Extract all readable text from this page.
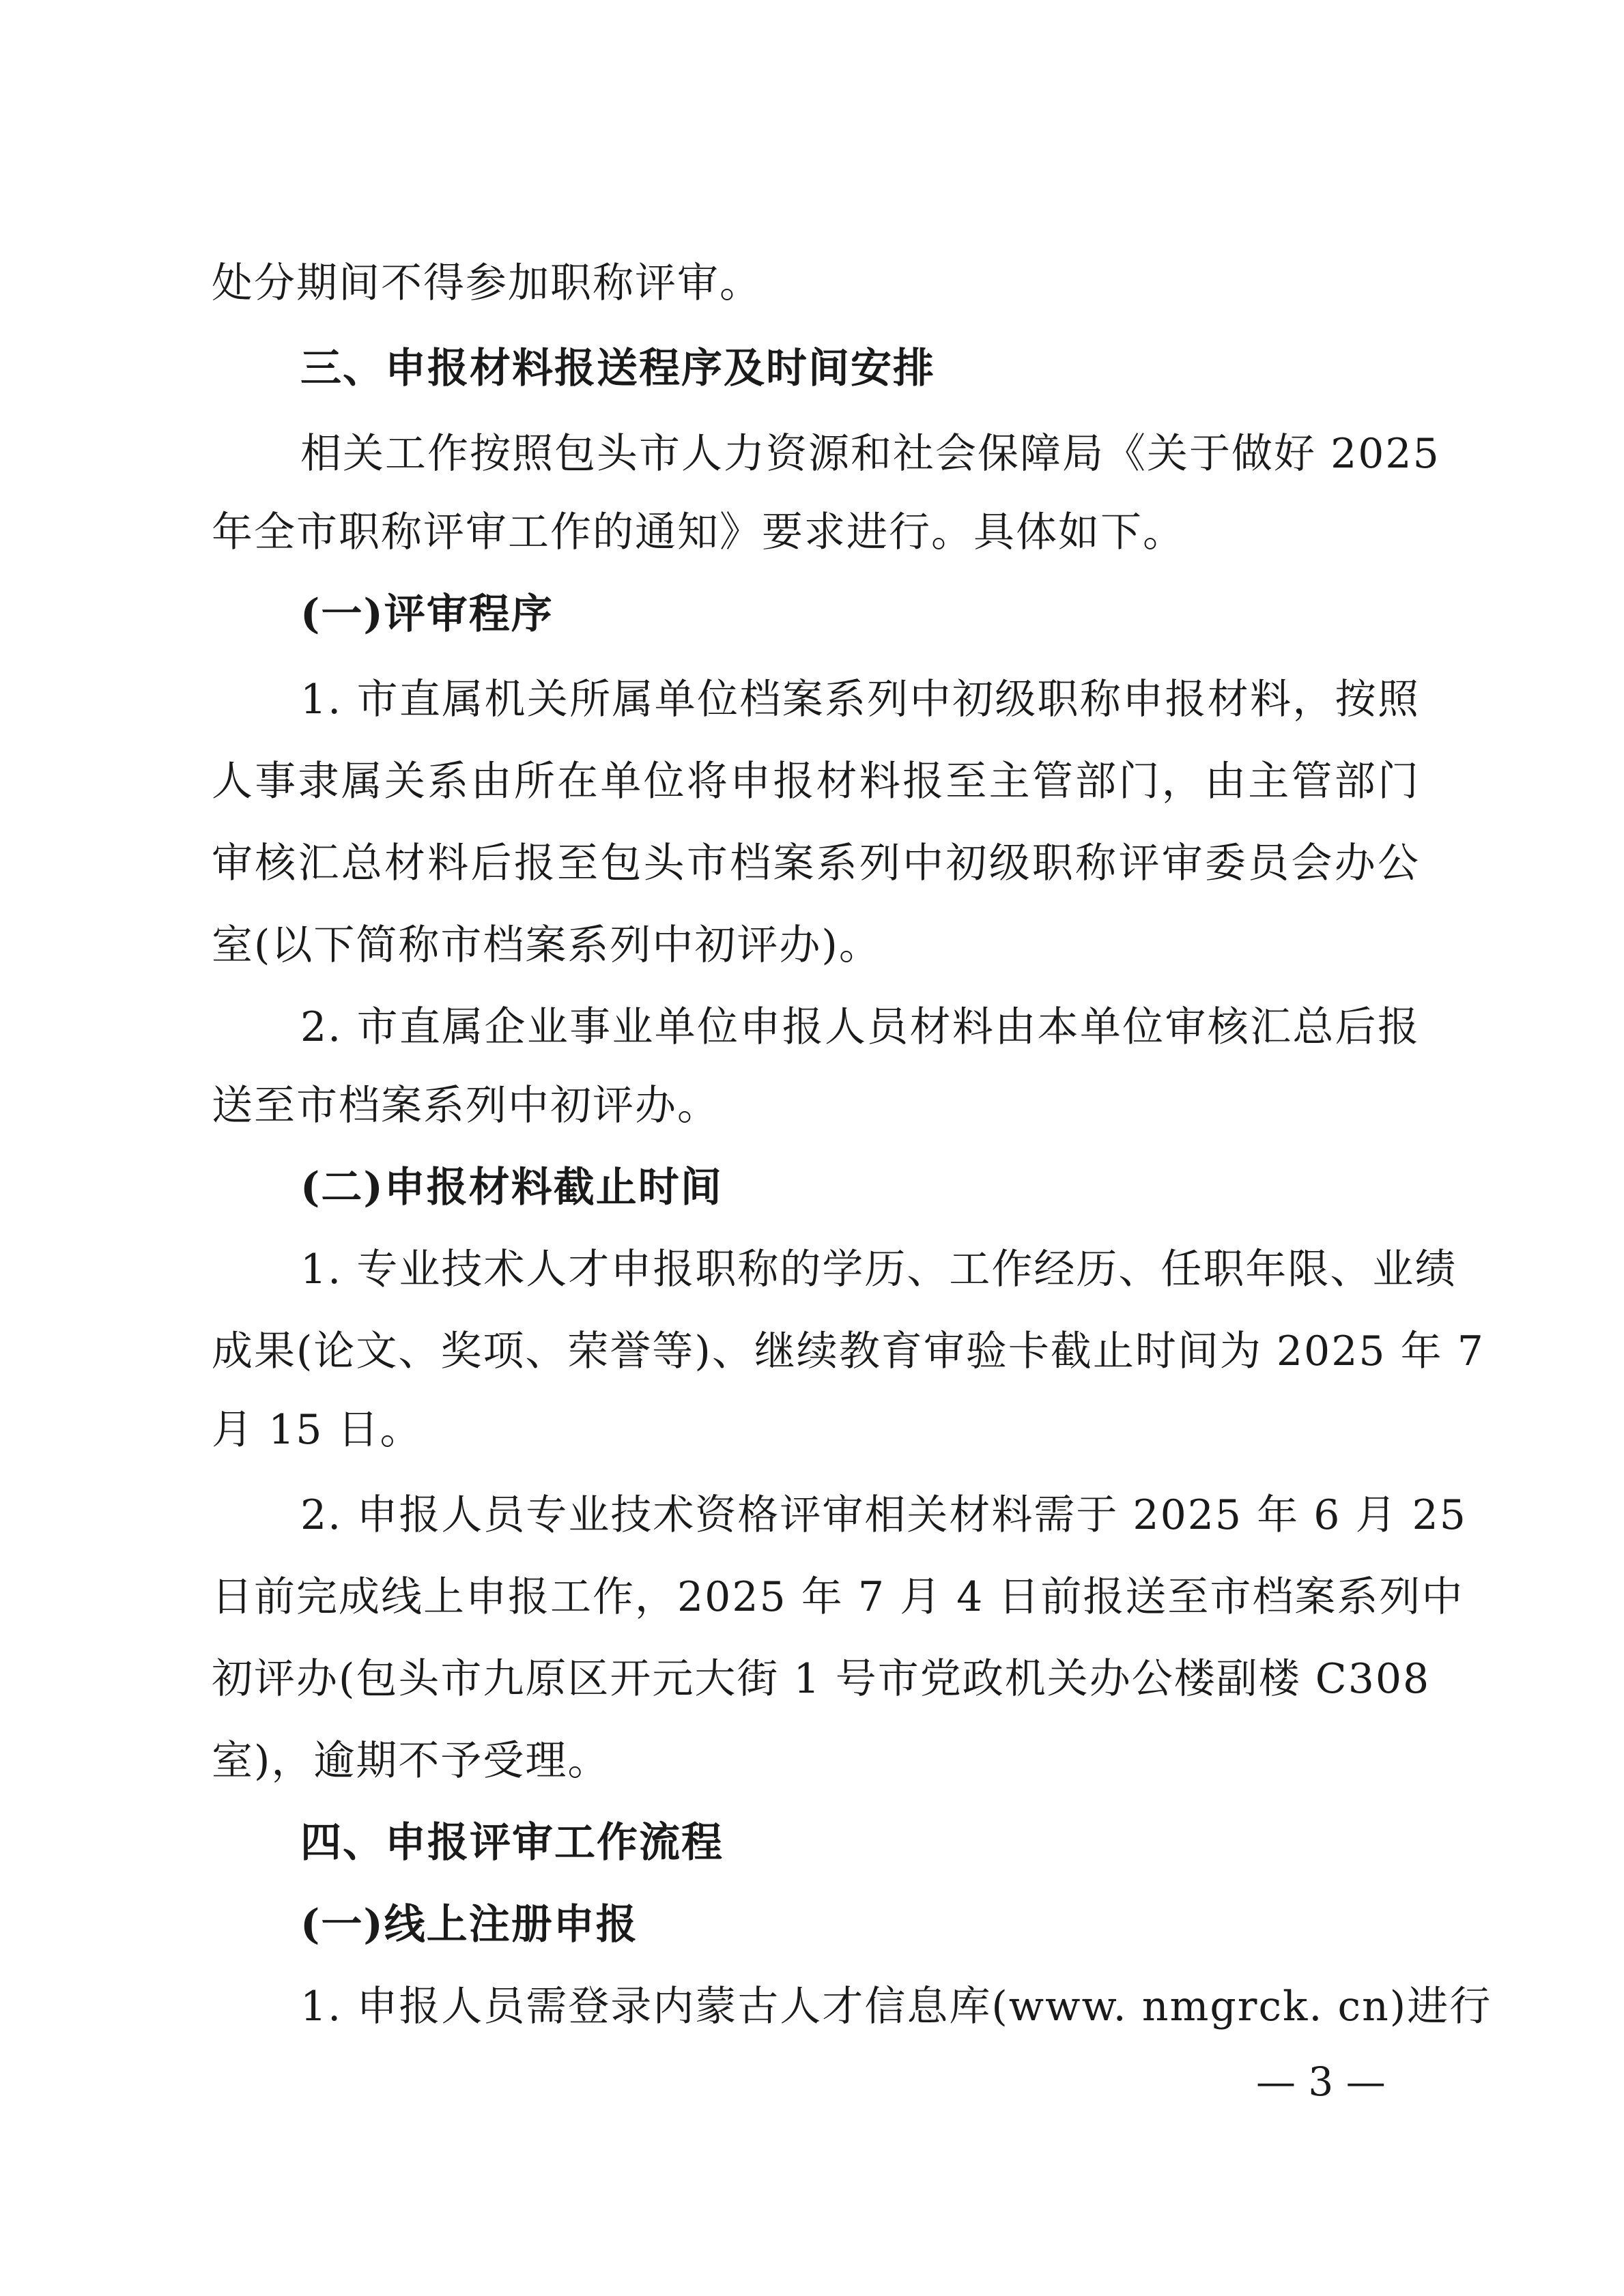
处分期间不得参加职称评审。
三、申报材料报送程序及时间安排
相关工作按照包头市人力资源和社会保障局《关于做好 2025
年全市职称评审工作的通知》要求进行。具体如下。
(一)评审程序
1. 市直属机关所属单位档案系列中初级职称申报材料，按照
人事隶属关系由所在单位将申报材料报至主管部门，由主管部门
审核汇总材料后报至包头市档案系列中初级职称评审委员会办公
室(以下简称市档案系列中初评办)。
2. 市直属企业事业单位申报人员材料由本单位审核汇总后报
送至市档案系列中初评办。
(二)申报材料截止时间
1. 专业技术人才申报职称的学历、工作经历、任职年限、业绩
成果(论文、奖项、荣誉等)、继续教育审验卡截止时间为 2025 年 7
月 15 日。
2. 申报人员专业技术资格评审相关材料需于 2025 年 6 月 25
日前完成线上申报工作，2025 年 7 月 4 日前报送至市档案系列中
初评办(包头市九原区开元大街 1 号市党政机关办公楼副楼 C308
室)，逾期不予受理。
四、申报评审工作流程
(一)线上注册申报
1. 申报人员需登录内蒙古人才信息库(www. nmgrck. cn)进行
— 3 —
